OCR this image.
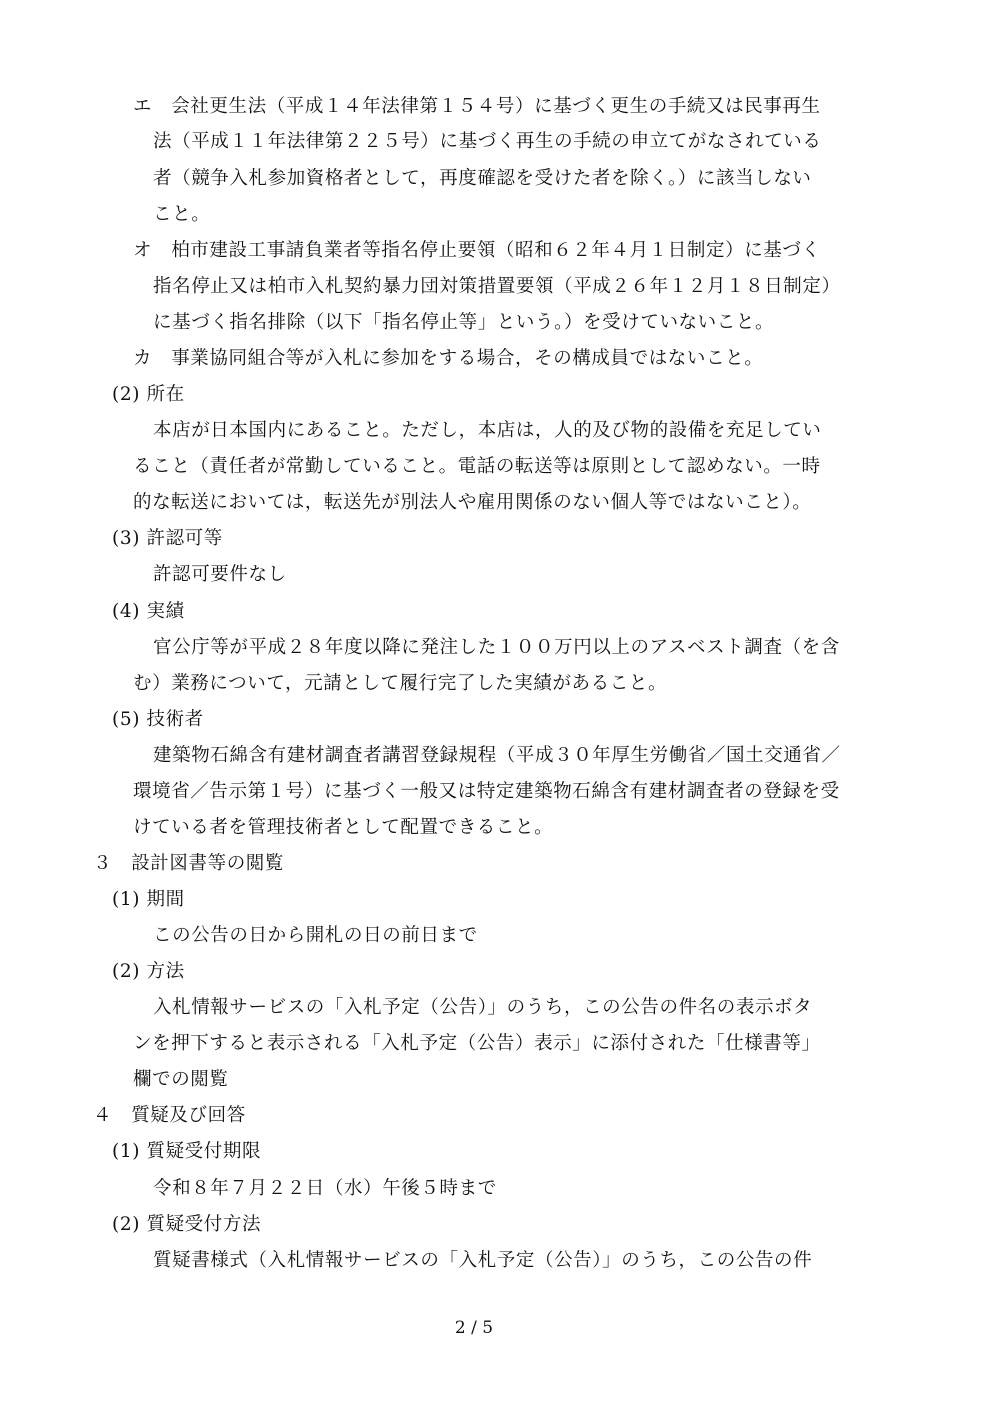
エ　会社更生法（平成１４年法律第１５４号）に基づく更生の手続又は民事再生
法（平成１１年法律第２２５号）に基づく再生の手続の申立てがなされている
者（競争入札参加資格者として，再度確認を受けた者を除く。）に該当しない
こと。
オ　柏市建設工事請負業者等指名停止要領（昭和６２年４月１日制定）に基づく
指名停止又は柏市入札契約暴力団対策措置要領（平成２６年１２月１８日制定）
に基づく指名排除（以下「指名停止等」という。）を受けていないこと。
カ　事業協同組合等が入札に参加をする場合，その構成員ではないこと。
(2) 所在
本店が日本国内にあること。ただし，本店は，人的及び物的設備を充足してい
ること（責任者が常勤していること。電話の転送等は原則として認めない。一時
的な転送においては，転送先が別法人や雇用関係のない個人等ではないこと）。
(3) 許認可等
許認可要件なし
(4) 実績
官公庁等が平成２８年度以降に発注した１００万円以上のアスベスト調査（を含
む）業務について，元請として履行完了した実績があること。
(5) 技術者
建築物石綿含有建材調査者講習登録規程（平成３０年厚生労働省／国土交通省／
環境省／告示第１号）に基づく一般又は特定建築物石綿含有建材調査者の登録を受
けている者を管理技術者として配置できること。
３　設計図書等の閲覧
(1) 期間
この公告の日から開札の日の前日まで
(2) 方法
入札情報サービスの「入札予定（公告）」のうち，この公告の件名の表示ボタ
ンを押下すると表示される「入札予定（公告）表示」に添付された「仕様書等」
欄での閲覧
４　質疑及び回答
(1) 質疑受付期限
令和８年７月２２日（水）午後５時まで
(2) 質疑受付方法
質疑書様式（入札情報サービスの「入札予定（公告）」のうち，この公告の件
2 / 5
